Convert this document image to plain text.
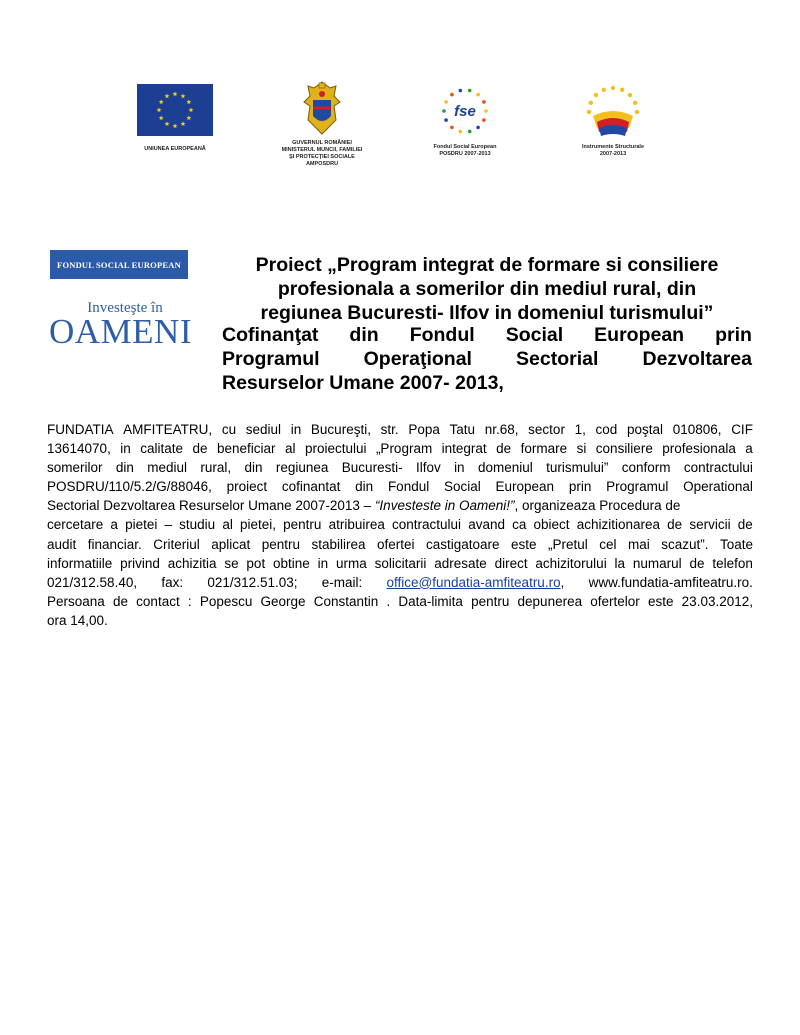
UNIUNEA EUROPEANĂ
GUVERNUL ROMÂNIEI
MINISTERUL MUNCII, FAMILIEI
ŞI PROTECŢIEI SOCIALE
AMPOSDRU
fse
Fondul Social European
POSDRU 2007-2013
Instrumente Structurale
2007-2013
FONDUL SOCIAL EUROPEAN
Investeşte în
OAMENI
Proiect „Program integrat de formare si consiliere
profesionala a somerilor din mediul rural, din
regiunea Bucuresti- Ilfov in domeniul turismului”
Cofinanţat din Fondul Social European prin
Programul Operaţional Sectorial Dezvoltarea
Resurselor Umane 2007- 2013,
FUNDATIA AMFITEATRU, cu sediul in Bucureşti, str. Popa Tatu nr.68, sector 1, cod poştal 010806, CIF
13614070, in calitate de beneficiar al proiectului „Program integrat de formare si consiliere profesionala a
somerilor din mediul rural, din regiunea Bucuresti- Ilfov in domeniul turismului” conform contractului
POSDRU/110/5.2/G/88046, proiect cofinantat din Fondul Social European prin Programul Operational
Sectorial Dezvoltarea Resurselor Umane 2007-2013 –
“Investeste in Oameni!” , organizeaza Procedura de
cercetare a pietei – studiu al pietei, pentru atribuirea contractului avand ca obiect achizitionarea de servicii de
audit financiar. Criteriul aplicat pentru stabilirea ofertei castigatoare este „Pretul cel mai scazut”. Toate
informatiile privind achizitia se pot obtine in urma solicitarii adresate direct achizitorului la numarul de telefon
021/312.58.40, fax: 021/312.51.03; e-mail: office@fundatia-amfiteatru.ro, www.fundatia-amfiteatru.ro.
Persoana de contact : Popescu George Constantin . Data-limita pentru depunerea ofertelor este 23.03.2012,
ora 14,00.
